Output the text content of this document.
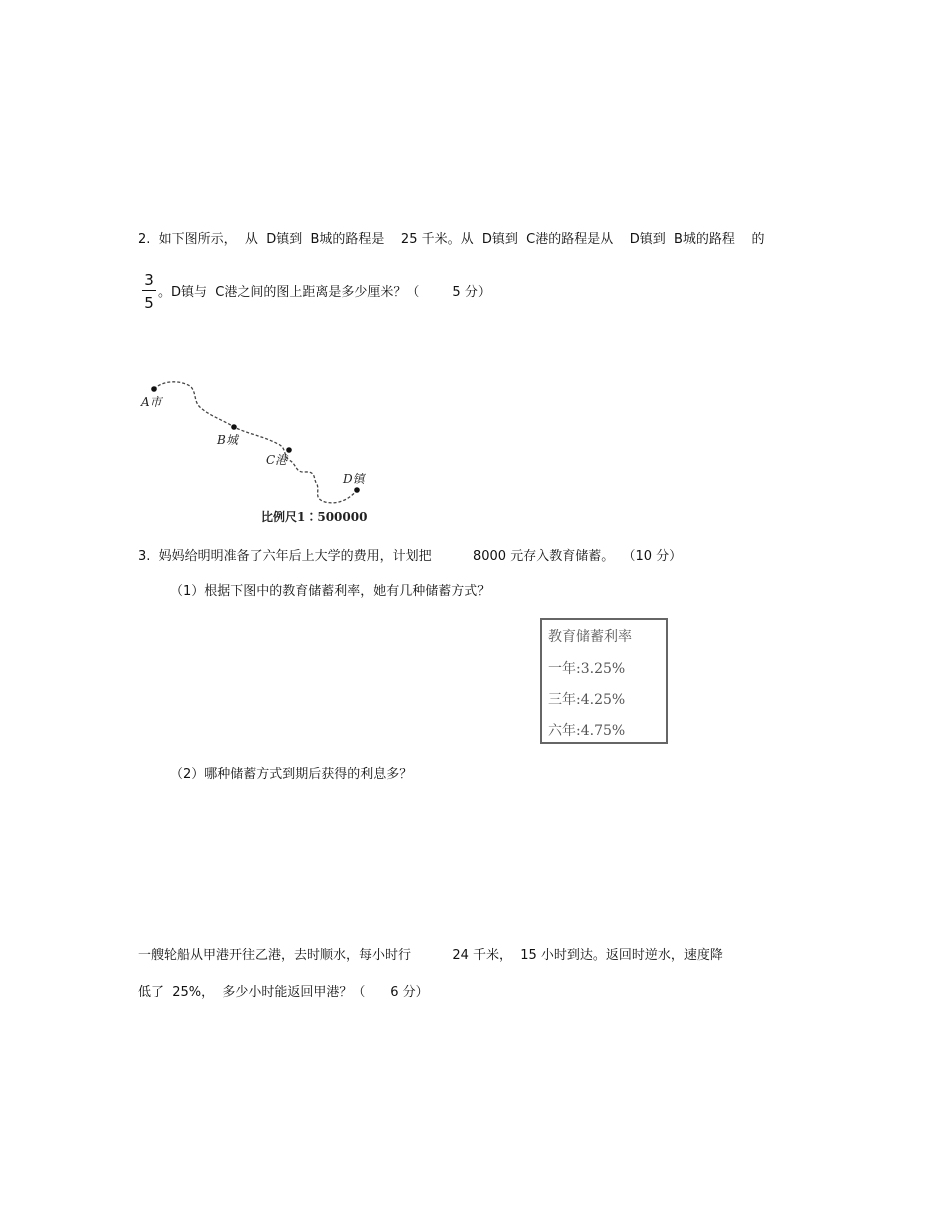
2.  如下图所示，  从  D镇到  B城的路程是    25 千米。从  D镇到  C港的路程是从    D镇到  B城的路程    的
3
5
。D镇与  C港之间的图上距离是多少厘米？（        5 分）
A市
B城
C港
D镇
比例尺1∶500000
3.  妈妈给明明准备了六年后上大学的费用，计划把          8000 元存入教育储蓄。  （10 分）
（1）根据下图中的教育储蓄利率，她有几种储蓄方式？
教育储蓄利率
一年:3.25%
三年:4.25%
六年:4.75%
（2）哪种储蓄方式到期后获得的利息多？
一艘轮船从甲港开往乙港，去时顺水，每小时行          24 千米，  15 小时到达。返回时逆水，速度降
低了  25%，  多少小时能返回甲港？（      6 分）
